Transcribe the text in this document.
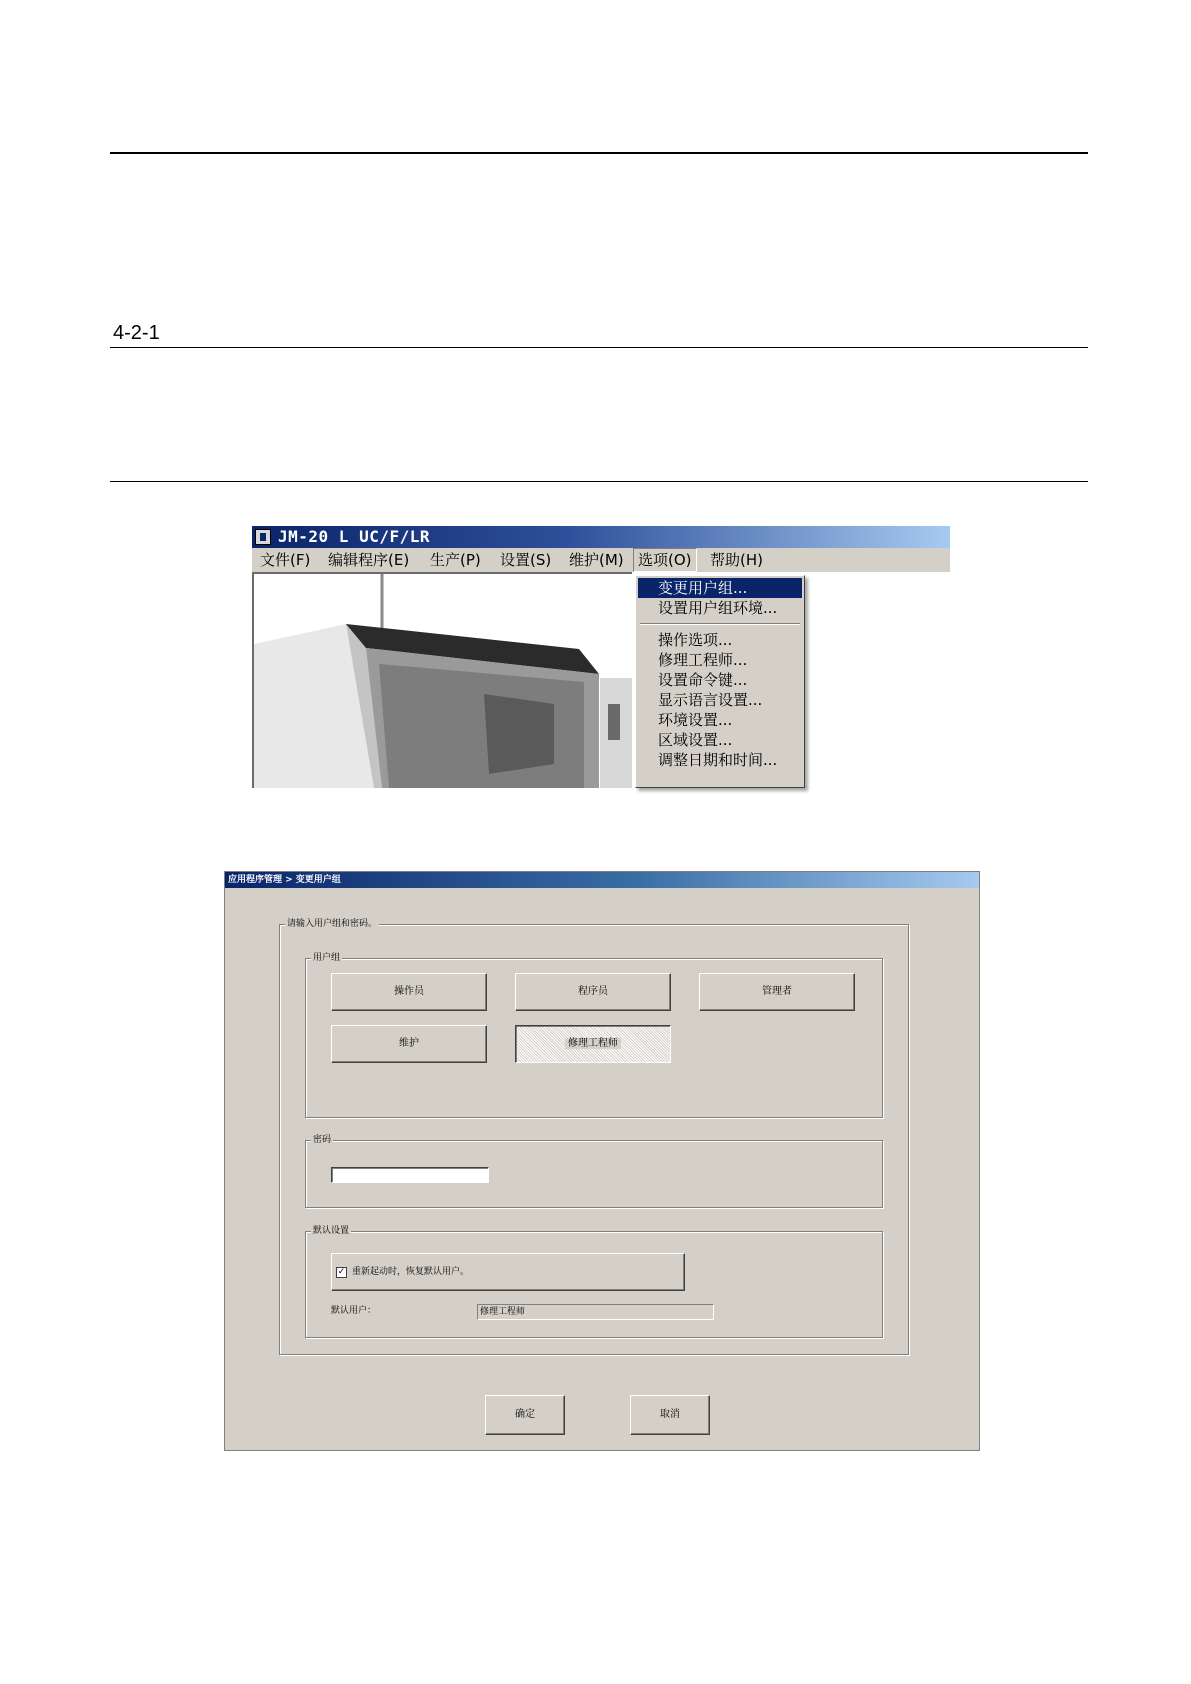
4-2-1
JM-20 L UC/F/LR
文件(F) 编辑程序(E) 生产(P) 设置(S) 维护(M) 选项(O)	帮助(H)
变更用户组...
设置用户组环境...
操作选项...
修理工程师...
设置命令键...
显示语言设置...
环境设置...
区域设置...
调整日期和时间...
应用程序管理 > 变更用户组
请输入用户组和密码。
用户组
操作员	程序员	管理者
维护	修理工程师
密码
默认设置
✓ 重新起动时，恢复默认用户。
默认用户：	修理工程师
确定	取消
